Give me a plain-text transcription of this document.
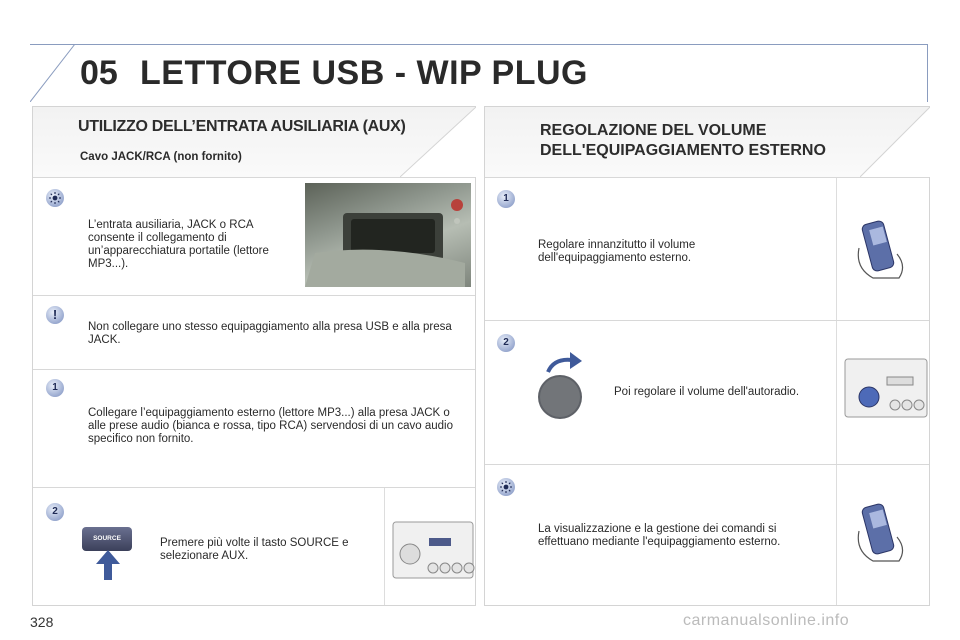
05 LETTORE USB - WIP PLUG
UTILIZZO DELL’ENTRATA AUSILIARIA (AUX)
Cavo JACK/RCA (non fornito)
L’entrata ausiliaria, JACK o RCA consente il collegamento di un’apparecchiatura portatile (lettore MP3...).
!
Non collegare uno stesso equipaggiamento alla presa USB e alla presa JACK.
1
Collegare l’equipaggiamento esterno (lettore MP3...) alla presa JACK o alle prese audio (bianca e rossa, tipo RCA) servendosi di un cavo audio specifico non fornito.
2
SOURCE	Premere più volte il tasto SOURCE e selezionare AUX.
REGOLAZIONE DEL VOLUME
DELL'EQUIPAGGIAMENTO ESTERNO
1
Regolare innanzitutto il volume dell'equipaggiamento esterno.
2
Poi regolare il volume dell'autoradio.
La visualizzazione e la gestione dei comandi si effettuano mediante l'equipaggiamento esterno.
328	carmanualsonline.info
